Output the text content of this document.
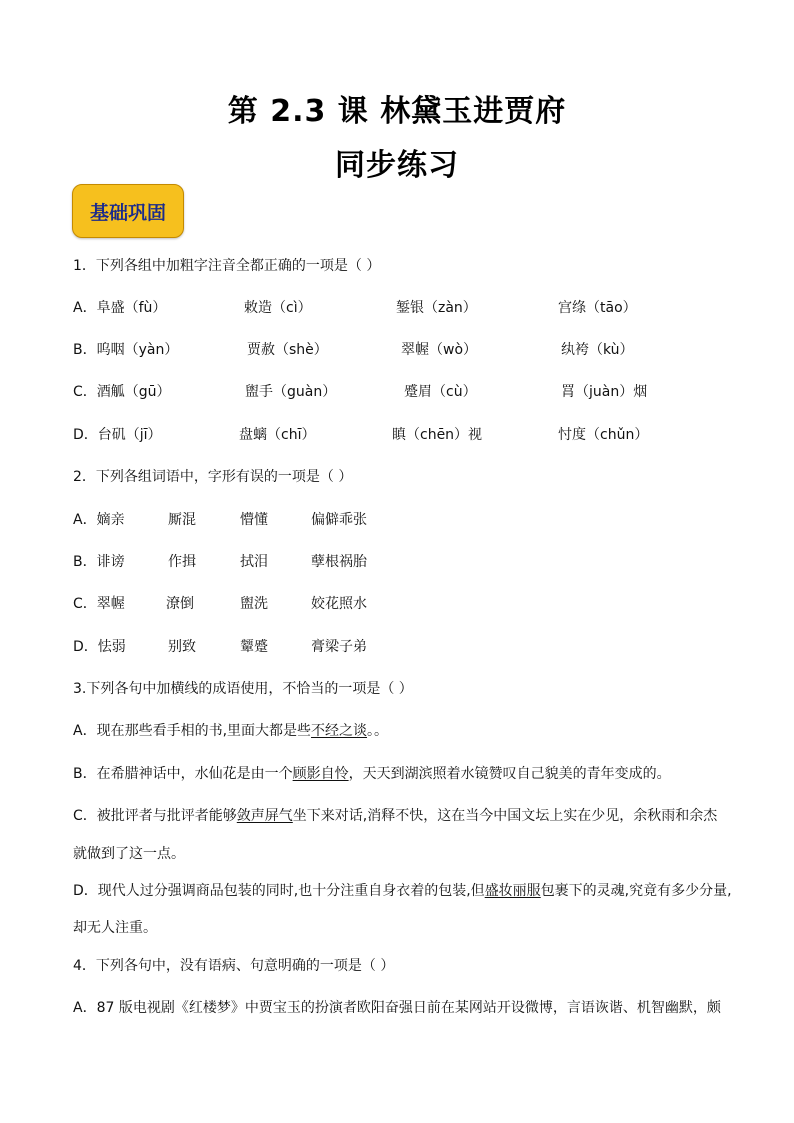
第 2.3 课 林黛玉进贾府
同步练习
基础巩固
1．下列各组中加粗字注音全都正确的一项是（ ）
A．阜盛（fù）	敕造（cì）	錾银（zàn）	宫绦（tāo）
B．呜咽（yàn）	贾赦（shè）	翠幄（wò）	纨袴（kù）
C．酒觚（gū）	盥手（guàn）	蹙眉（cù）	罥（juàn）烟
D．台矶（jī）	盘螭（chī）	瞋（chēn）视	忖度（chǔn）
2．下列各组词语中，字形有误的一项是（ ）
A．嫡亲	厮混	懵懂	偏僻乖张
B．诽谤	作揖	拭泪	孽根祸胎
C．翠幄	潦倒	盥洗	姣花照水
D．怯弱	别致	颦蹙	膏梁子弟
3.下列各句中加横线的成语使用，不恰当的一项是（ ）
A．现在那些看手相的书,里面大都是些不经之谈。。
B．在希腊神话中，水仙花是由一个顾影自怜，天天到湖滨照着水镜赞叹自己貌美的青年变成的。
C．被批评者与批评者能够敛声屏气坐下来对话,消释不快，这在当今中国文坛上实在少见，余秋雨和余杰
就做到了这一点。
D．现代人过分强调商品包装的同时,也十分注重自身衣着的包装,但盛妆丽服包裹下的灵魂,究竟有多少分量,
却无人注重。
4．下列各句中，没有语病、句意明确的一项是（ ）
A．87 版电视剧《红楼梦》中贾宝玉的扮演者欧阳奋强日前在某网站开设微博，言语诙谐、机智幽默，颇
